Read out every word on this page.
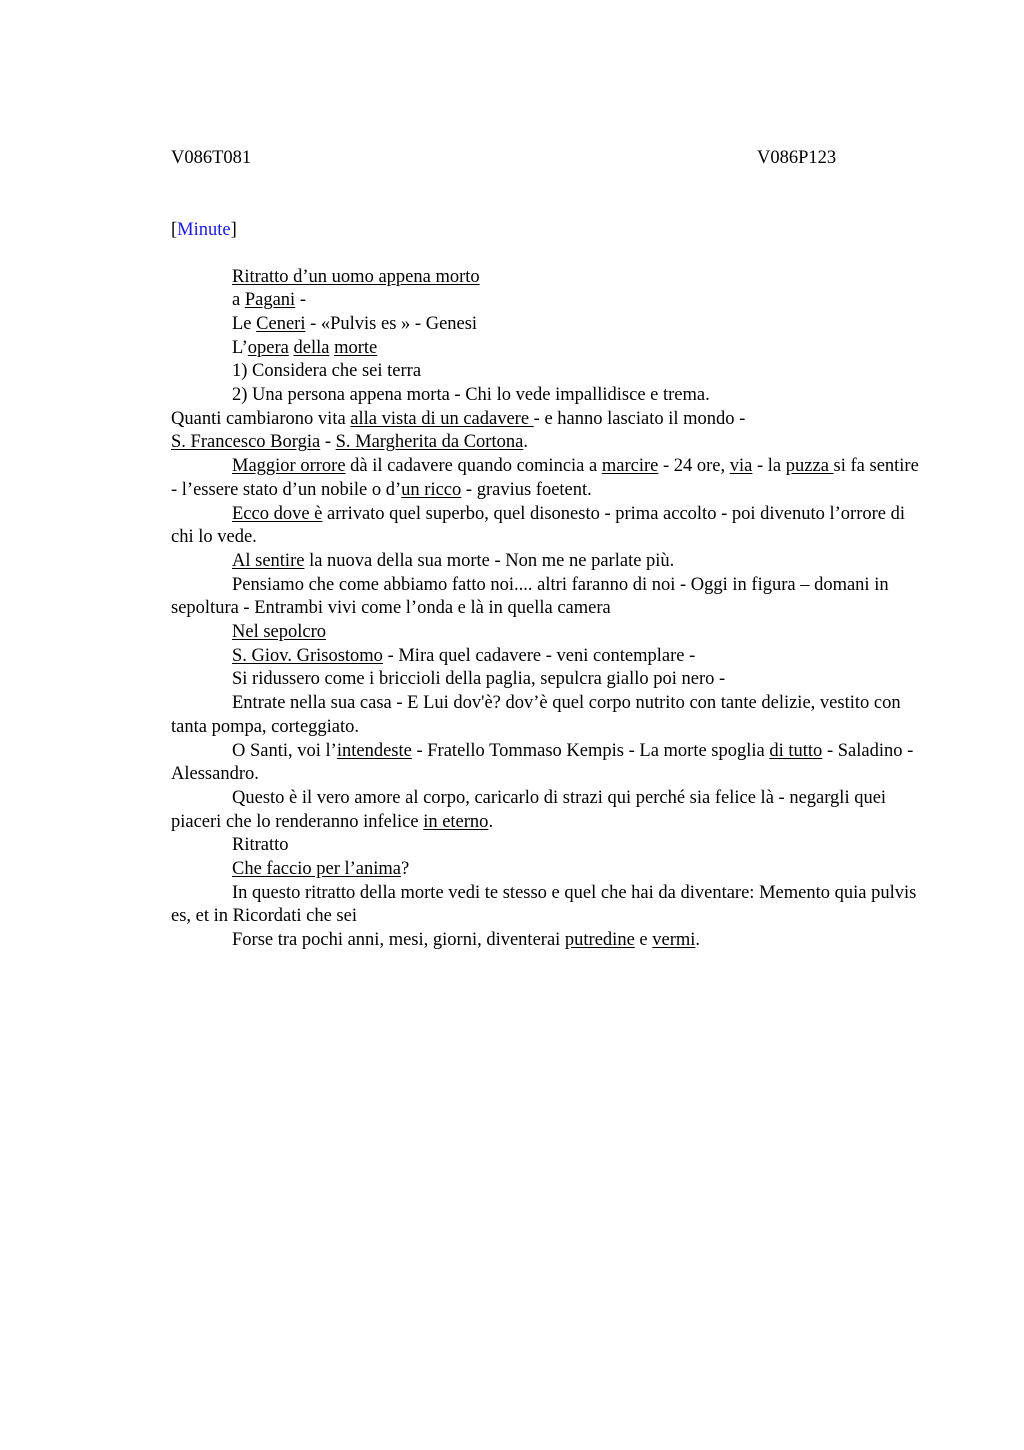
V086T081	V086P123
[Minute]
Ritratto d’un uomo appena morto
a Pagani -
Le Ceneri - «Pulvis es » - Genesi
L’opera della morte
1) Considera che sei terra
2) Una persona appena morta - Chi lo vede impallidisce e trema.
Quanti cambiarono vita alla vista di un cadavere - e hanno lasciato il mondo -
S. Francesco Borgia - S. Margherita da Cortona.
Maggior orrore dà il cadavere quando comincia a marcire - 24 ore, via - la puzza si fa sentire - l’essere stato d’un nobile o d’un ricco - gravius foetent.
Ecco dove è arrivato quel superbo, quel disonesto - prima accolto - poi divenuto l’orrore di chi lo vede.
Al sentire la nuova della sua morte - Non me ne parlate più.
Pensiamo che come abbiamo fatto noi.... altri faranno di noi - Oggi in figura – domani in sepoltura - Entrambi vivi come l’onda e là in quella camera
Nel sepolcro
S. Giov. Grisostomo - Mira quel cadavere - veni contemplare -
Si ridussero come i briccioli della paglia, sepulcra giallo poi nero -
Entrate nella sua casa - E Lui dov'è? dov’è quel corpo nutrito con tante delizie, vestito con tanta pompa, corteggiato.
O Santi, voi l’intendeste - Fratello Tommaso Kempis - La morte spoglia di tutto - Saladino - Alessandro.
Questo è il vero amore al corpo, caricarlo di strazi qui perché sia felice là - negargli quei piaceri che lo renderanno infelice in eterno.
Ritratto
Che faccio per l’anima?
In questo ritratto della morte vedi te stesso e quel che hai da diventare: Memento quia pulvis es, et in Ricordati che sei
Forse tra pochi anni, mesi, giorni, diventerai putredine e vermi.
